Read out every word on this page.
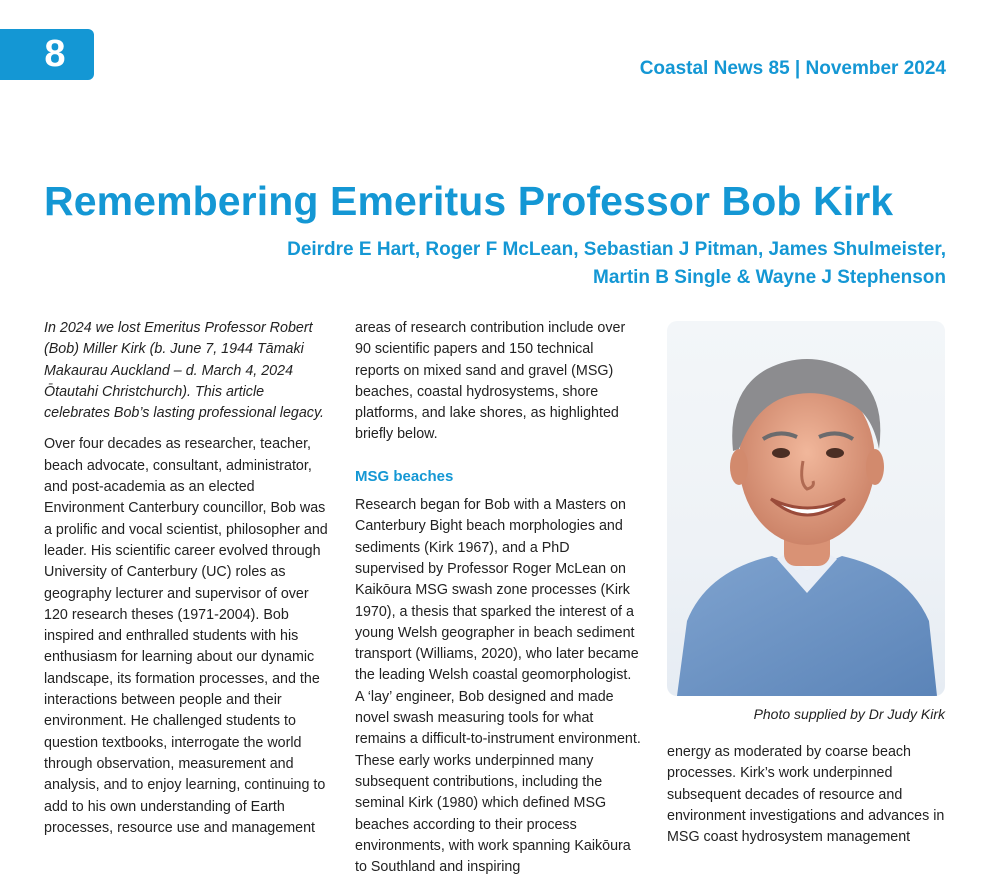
8	Coastal News 85 | November 2024
Remembering Emeritus Professor Bob Kirk
Deirdre E Hart, Roger F McLean, Sebastian J Pitman, James Shulmeister,
Martin B Single & Wayne J Stephenson

In 2024 we lost Emeritus Professor Robert (Bob) Miller Kirk (b. June 7, 1944 Tāmaki Makaurau Auckland – d. March 4, 2024 Ōtautahi Christchurch). This article celebrates Bob’s lasting professional legacy.

Over four decades as researcher, teacher, beach advocate, consultant, administrator, and post-academia as an elected Environment Canterbury councillor, Bob was a prolific and vocal scientist, philosopher and leader. His scientific career evolved through University of Canterbury (UC) roles as geography lecturer and supervisor of over 120 research theses (1971-2004). Bob inspired and enthralled students with his enthusiasm for learning about our dynamic landscape, its formation processes, and the interactions between people and their environment. He challenged students to question textbooks, interrogate the world through observation, measurement and analysis, and to enjoy learning, continuing to add to his own understanding of Earth processes, resource use and management

areas of research contribution include over 90 scientific papers and 150 technical reports on mixed sand and gravel (MSG) beaches, coastal hydrosystems, shore platforms, and lake shores, as highlighted briefly below.

MSG beaches

Research began for Bob with a Masters on Canterbury Bight beach morphologies and sediments (Kirk 1967), and a PhD supervised by Professor Roger McLean on Kaikōura MSG swash zone processes (Kirk 1970), a thesis that sparked the interest of a young Welsh geographer in beach sediment transport (Williams, 2020), who later became the leading Welsh coastal geomorphologist. A ‘lay’ engineer, Bob designed and made novel swash measuring tools for what remains a difficult-to-instrument environment. These early works underpinned many subsequent contributions, including the seminal Kirk (1980) which defined MSG beaches according to their process environments, with work spanning Kaikōura to Southland and inspiring

Photo supplied by Dr Judy Kirk

energy as moderated by coarse beach processes. Kirk’s work underpinned subsequent decades of resource and environment investigations and advances in MSG coast hydrosystem management
